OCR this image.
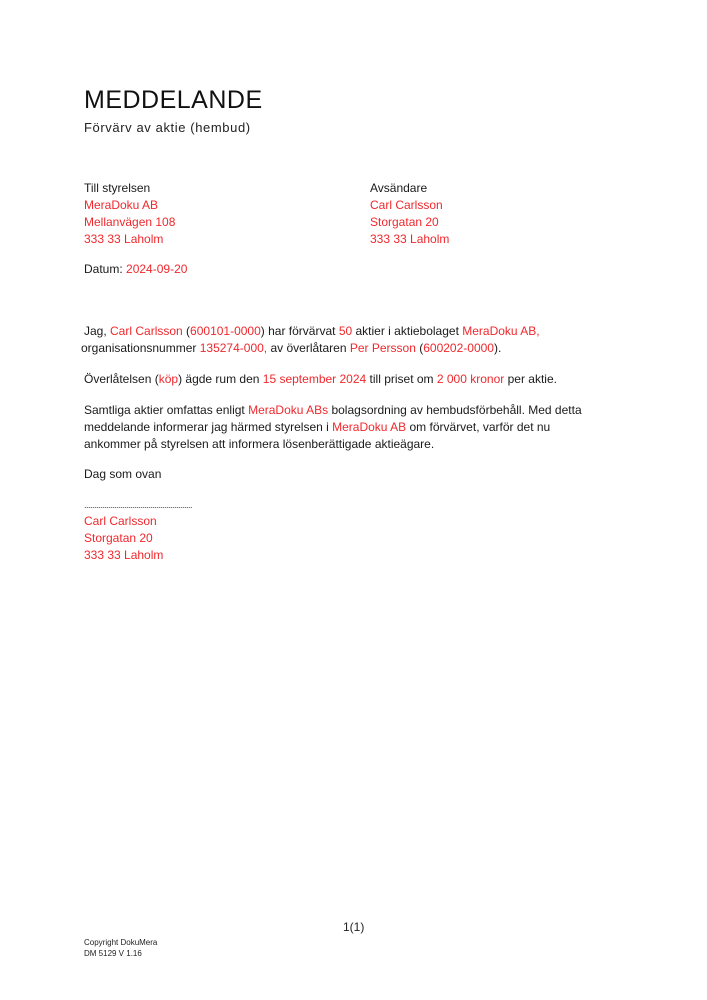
MEDDELANDE
Förvärv av aktie (hembud)
Till styrelsen
MeraDoku AB
Mellanvägen 108
333 33 Laholm
Avsändare
Carl Carlsson
Storgatan 20
333 33 Laholm
Datum: 2024-09-20
Jag, Carl Carlsson (600101-0000) har förvärvat 50 aktier i aktiebolaget MeraDoku AB,
organisationsnummer 135274-000, av överlåtaren Per Persson (600202-0000).
Överlåtelsen (köp) ägde rum den 15 september 2024 till priset om 2 000 kronor per aktie.
Samtliga aktier omfattas enligt MeraDoku ABs bolagsordning av hembudsförbehåll. Med detta meddelande informerar jag härmed styrelsen i MeraDoku AB om förvärvet, varför det nu ankommer på styrelsen att informera lösenberättigade aktieägare.
Dag som ovan
......................................................
Carl Carlsson
Storgatan 20
333 33 Laholm
1(1)
Copyright DokuMera
DM 5129 V 1.16
